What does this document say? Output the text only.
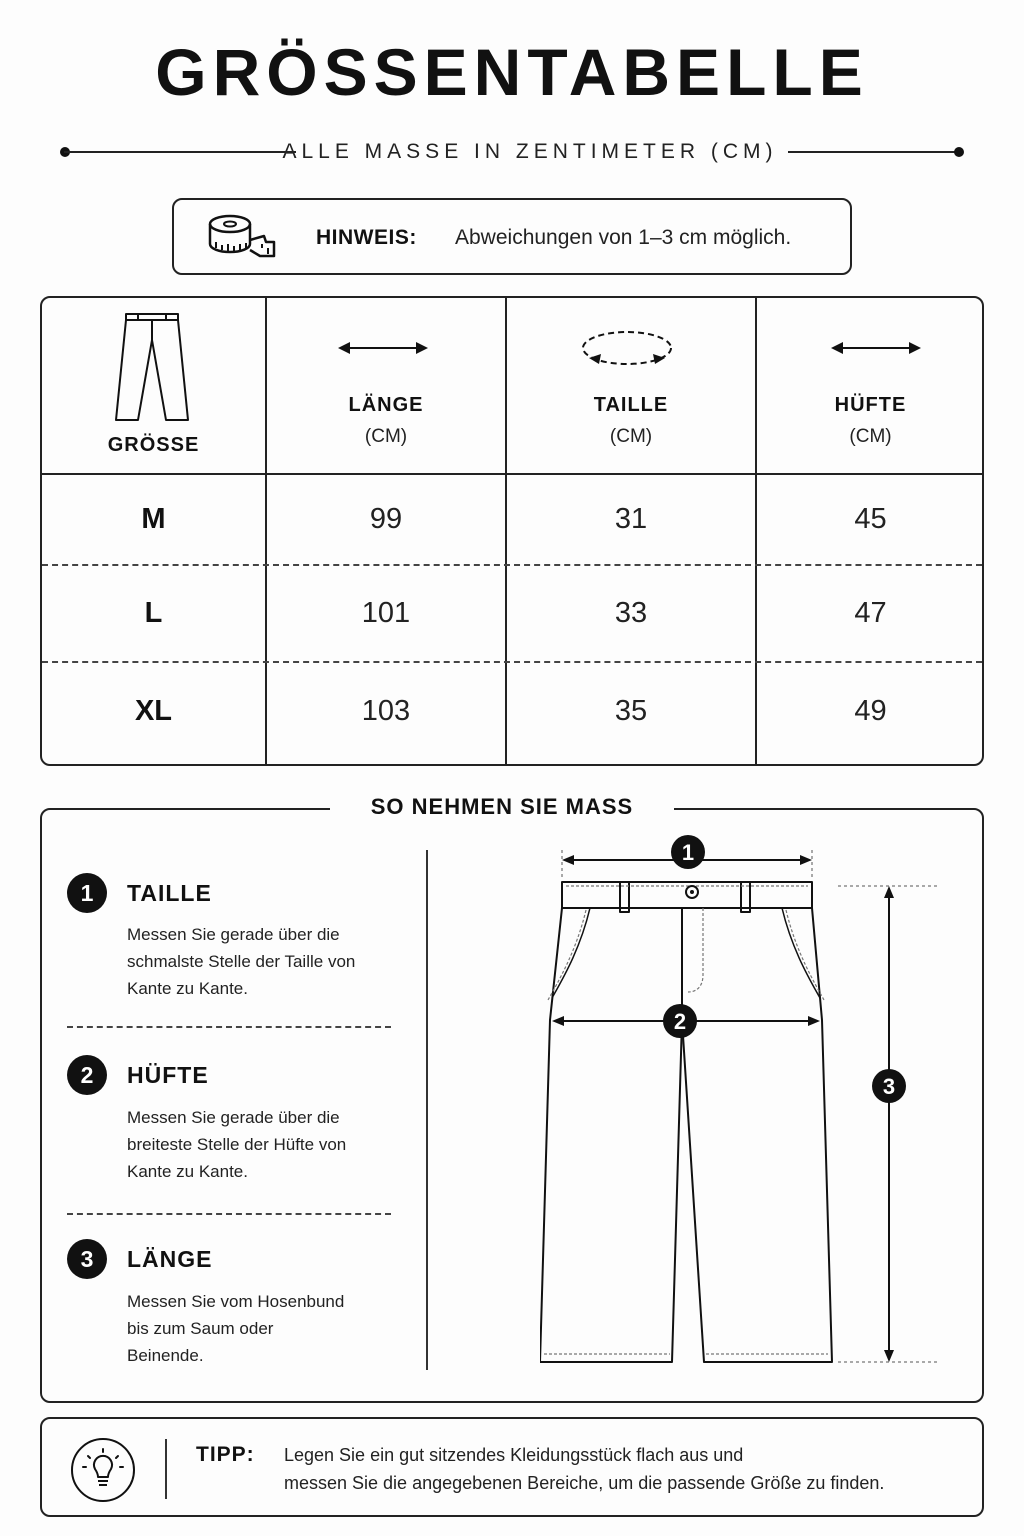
GRÖSSENTABELLE
ALLE MASSE IN ZENTIMETER (CM)
HINWEIS: Abweichungen von 1–3 cm möglich.
GRÖSSE
LÄNGE
(CM)
TAILLE
(CM)
HÜFTE
(CM)
M	99	31	45
L	101	33	47
XL	103	35	49
SO NEHMEN SIE MASS
1	TAILLE
Messen Sie gerade über die
schmalste Stelle der Taille von
Kante zu Kante.
2	HÜFTE
Messen Sie gerade über die
breiteste Stelle der Hüfte von
Kante zu Kante.
3	LÄNGE
Messen Sie vom Hosenbund
bis zum Saum oder
Beinende.
1
2
3
TIPP: Legen Sie ein gut sitzendes Kleidungsstück flach aus und
messen Sie die angegebenen Bereiche, um die passende Größe zu finden.
